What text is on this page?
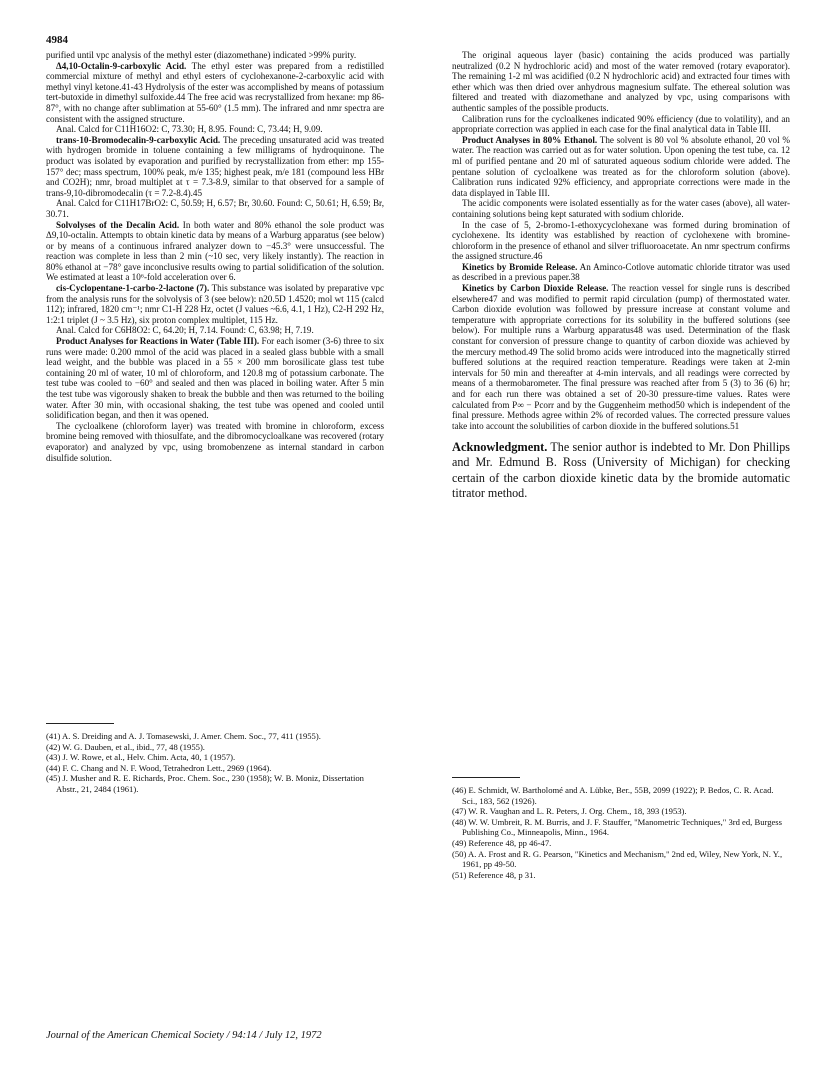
4984

purified until vpc analysis of the methyl ester (diazomethane) indicated >99% purity.

Δ4,10-Octalin-9-carboxylic Acid. The ethyl ester was prepared from a redistilled commercial mixture of methyl and ethyl esters of cyclohexanone-2-carboxylic acid with methyl vinyl ketone.41-43 Hydrolysis of the ester was accomplished by means of potassium tert-butoxide in dimethyl sulfoxide.44 The free acid was recrystallized from hexane: mp 86-87°, with no change after sublimation at 55-60° (1.5 mm). The infrared and nmr spectra are consistent with the assigned structure.

Anal. Calcd for C11H16O2: C, 73.30; H, 8.95. Found: C, 73.44; H, 9.09.

trans-10-Bromodecalin-9-carboxylic Acid. The preceding unsaturated acid was treated with hydrogen bromide in toluene containing a few milligrams of hydroquinone. The product was isolated by evaporation and purified by recrystallization from ether: mp 155-157° dec; mass spectrum, 100% peak, m/e 135; highest peak, m/e 181 (compound less HBr and CO2H); nmr, broad multiplet at τ = 7.3-8.9, similar to that observed for a sample of trans-9,10-dibromodecalin (τ = 7.2-8.4).45

Anal. Calcd for C11H17BrO2: C, 50.59; H, 6.57; Br, 30.60. Found: C, 50.61; H, 6.59; Br, 30.71.

Solvolyses of the Decalin Acid. In both water and 80% ethanol the sole product was Δ9,10-octalin. Attempts to obtain kinetic data by means of a Warburg apparatus (see below) or by means of a continuous infrared analyzer down to −45.3° were unsuccessful. The reaction was complete in less than 2 min (~10 sec, very likely instantly). The reaction in 80% ethanol at −78° gave inconclusive results owing to partial solidification of the solution. We estimated at least a 10⁶-fold acceleration over 6.

cis-Cyclopentane-1-carbo-2-lactone (7). This substance was isolated by preparative vpc from the analysis runs for the solvolysis of 3 (see below): n20.5D 1.4520; mol wt 115 (calcd 112); infrared, 1820 cm⁻¹; nmr C1-H 228 Hz, octet (J values ~6.6, 4.1, 1 Hz), C2-H 292 Hz, 1:2:1 triplet (J ~ 3.5 Hz), six proton complex multiplet, 115 Hz.

Anal. Calcd for C6H8O2: C, 64.20; H, 7.14. Found: C, 63.98; H, 7.19.

Product Analyses for Reactions in Water (Table III). For each isomer (3-6) three to six runs were made: 0.200 mmol of the acid was placed in a sealed glass bubble with a small lead weight, and the bubble was placed in a 55 × 200 mm borosilicate glass test tube containing 20 ml of water, 10 ml of chloroform, and 120.8 mg of potassium carbonate. The test tube was cooled to −60° and sealed and then was placed in boiling water. After 5 min the test tube was vigorously shaken to break the bubble and then was returned to the boiling water. After 30 min, with occasional shaking, the test tube was opened and cooled until solidification began, and then it was opened.

The cycloalkene (chloroform layer) was treated with bromine in chloroform, excess bromine being removed with thiosulfate, and the dibromocycloalkane was recovered (rotary evaporator) and analyzed by vpc, using bromobenzene as internal standard in carbon disulfide solution.

The original aqueous layer (basic) containing the acids produced was partially neutralized (0.2 N hydrochloric acid) and most of the water removed (rotary evaporator). The remaining 1-2 ml was acidified (0.2 N hydrochloric acid) and extracted four times with ether which was then dried over anhydrous magnesium sulfate. The ethereal solution was filtered and treated with diazomethane and analyzed by vpc, using comparisons with authentic samples of the possible products.

Calibration runs for the cycloalkenes indicated 90% efficiency (due to volatility), and an appropriate correction was applied in each case for the final analytical data in Table III.

Product Analyses in 80% Ethanol. The solvent is 80 vol % absolute ethanol, 20 vol % water. The reaction was carried out as for water solution. Upon opening the test tube, ca. 12 ml of purified pentane and 20 ml of saturated aqueous sodium chloride were added. The pentane solution of cycloalkene was treated as for the chloroform solution (above). Calibration runs indicated 92% efficiency, and appropriate corrections were made in the data displayed in Table III.

The acidic components were isolated essentially as for the water cases (above), all water-containing solutions being kept saturated with sodium chloride.

In the case of 5, 2-bromo-1-ethoxycyclohexane was formed during bromination of cyclohexene. Its identity was established by reaction of cyclohexene with bromine-chloroform in the presence of ethanol and silver trifluoroacetate. An nmr spectrum confirms the assigned structure.46

Kinetics by Bromide Release. An Aminco-Cotlove automatic chloride titrator was used as described in a previous paper.38

Kinetics by Carbon Dioxide Release. The reaction vessel for single runs is described elsewhere47 and was modified to permit rapid circulation (pump) of thermostated water. Carbon dioxide evolution was followed by pressure increase at constant volume and temperature with appropriate corrections for its solubility in the buffered solutions (see below). For multiple runs a Warburg apparatus48 was used. Determination of the flask constant for conversion of pressure change to quantity of carbon dioxide was achieved by the mercury method.49 The solid bromo acids were introduced into the magnetically stirred buffered solutions at the required reaction temperature. Readings were taken at 2-min intervals for 50 min and thereafter at 4-min intervals, and all readings were corrected by means of a thermobarometer. The final pressure was reached after from 5 (3) to 36 (6) hr; and for each run there was obtained a set of 20-30 pressure-time values. Rates were calculated from P∞ − Pcorr and by the Guggenheim method50 which is independent of the final pressure. Methods agree within 2% of recorded values. The corrected pressure values take into account the solubilities of carbon dioxide in the buffered solutions.51

Acknowledgment. The senior author is indebted to Mr. Don Phillips and Mr. Edmund B. Ross (University of Michigan) for checking certain of the carbon dioxide kinetic data by the bromide automatic titrator method.

(41) A. S. Dreiding and A. J. Tomasewski, J. Amer. Chem. Soc., 77, 411 (1955).
(42) W. G. Dauben, et al., ibid., 77, 48 (1955).
(43) J. W. Rowe, et al., Helv. Chim. Acta, 40, 1 (1957).
(44) F. C. Chang and N. F. Wood, Tetrahedron Lett., 2969 (1964).
(45) J. Musher and R. E. Richards, Proc. Chem. Soc., 230 (1958); W. B. Moniz, Dissertation Abstr., 21, 2484 (1961).	(46) E. Schmidt, W. Bartholomé and A. Lübke, Ber., 55B, 2099 (1922); P. Bedos, C. R. Acad. Sci., 183, 562 (1926).
(47) W. R. Vaughan and L. R. Peters, J. Org. Chem., 18, 393 (1953).
(48) W. W. Umbreit, R. M. Burris, and J. F. Stauffer, "Manometric Techniques," 3rd ed, Burgess Publishing Co., Minneapolis, Minn., 1964.
(49) Reference 48, pp 46-47.
(50) A. A. Frost and R. G. Pearson, "Kinetics and Mechanism," 2nd ed, Wiley, New York, N. Y., 1961, pp 49-50.
(51) Reference 48, p 31.
Journal of the American Chemical Society / 94:14 / July 12, 1972
